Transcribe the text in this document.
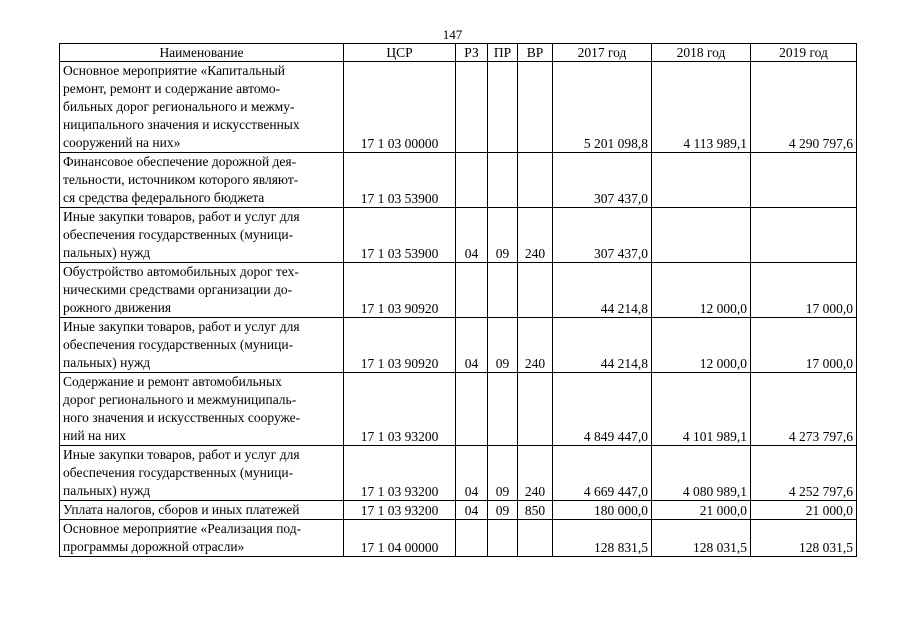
147
Наименование	ЦСР	РЗ	ПР	ВР	2017 год	2018 год	2019 год

Основное мероприятие «Капитальный
ремонт, ремонт и содержание автомо-
бильных дорог регионального и межму-
ниципального значения и искусственных
сооружений на них»	17 1 03 00000				5 201 098,8	4 113 989,1	4 290 797,6

Финансовое обеспечение дорожной дея-
тельности, источником которого являют-
ся средства федерального бюджета	17 1 03 53900				307 437,0		

Иные закупки товаров, работ и услуг для
обеспечения государственных (муници-
пальных) нужд	17 1 03 53900	04	09	240	307 437,0		

Обустройство автомобильных дорог тех-
ническими средствами организации до-
рожного движения	17 1 03 90920				44 214,8	12 000,0	17 000,0

Иные закупки товаров, работ и услуг для
обеспечения государственных (муници-
пальных) нужд	17 1 03 90920	04	09	240	44 214,8	12 000,0	17 000,0

Содержание и ремонт автомобильных
дорог регионального и межмуниципаль-
ного значения и искусственных сооруже-
ний на них	17 1 03 93200				4 849 447,0	4 101 989,1	4 273 797,6

Иные закупки товаров, работ и услуг для
обеспечения государственных (муници-
пальных) нужд	17 1 03 93200	04	09	240	4 669 447,0	4 080 989,1	4 252 797,6

Уплата налогов, сборов и иных платежей	17 1 03 93200	04	09	850	180 000,0	21 000,0	21 000,0

Основное мероприятие «Реализация под-
программы дорожной отрасли»	17 1 04 00000				128 831,5	128 031,5	128 031,5
